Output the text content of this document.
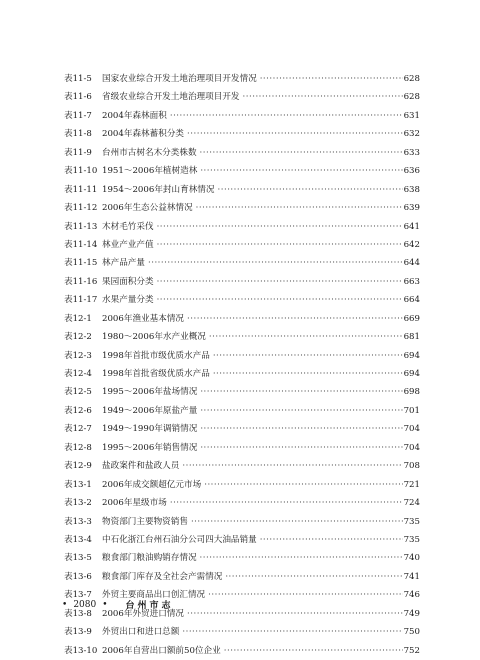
表11-5	国家农业综合开发土地治理项目开发情况 ·····	628
表11-6	省级农业综合开发土地治理项目开发 ·····	628
表11-7	2004年森林面积 ·····	631
表11-8	2004年森林蓄积分类 ·····	632
表11-9	台州市古树名木分类株数 ·····	633
表11-10 1951～2006年植树造林 ·····	636
表11-11 1954～2006年封山育林情况 ·····	638
表11-12 2006年生态公益林情况 ·····	639
表11-13 木材毛竹采伐 ·····	641
表11-14 林业产业产值 ·····	642
表11-15 林产品产量 ·····	644
表11-16 果园面积分类 ·····	663
表11-17 水果产量分类 ·····	664
表12-1	2006年渔业基本情况 ·····	669
表12-2	1980～2006年水产业概况 ·····	681
表12-3	1998年首批市级优质水产品 ·····	694
表12-4	1998年首批省级优质水产品 ·····	694
表12-5	1995～2006年盐场情况 ·····	698
表12-6	1949～2006年原盐产量 ·····	701
表12-7	1949～1990年调销情况 ·····	704
表12-8	1995～2006年销售情况 ·····	704
表12-9	盐政案件和盐政人员 ·····	708
表13-1	2006年成交额超亿元市场 ·····	721
表13-2	2006年星级市场 ·····	724
表13-3	物资部门主要物资销售 ·····	735
表13-4	中石化浙江台州石油分公司四大油品销量 ·····	735
表13-5	粮食部门粮油购销存情况 ·····	740
表13-6	粮食部门库存及全社会产需情况 ·····	741
表13-7	外贸主要商品出口创汇情况 ·····	746
表13-8	2006年外贸进口情况 ·····	749
表13-9	外贸出口和进口总额 ·····	750
表13-10 2006年自营出口额前50位企业 ·····	752
• 2080 • 台州市志
